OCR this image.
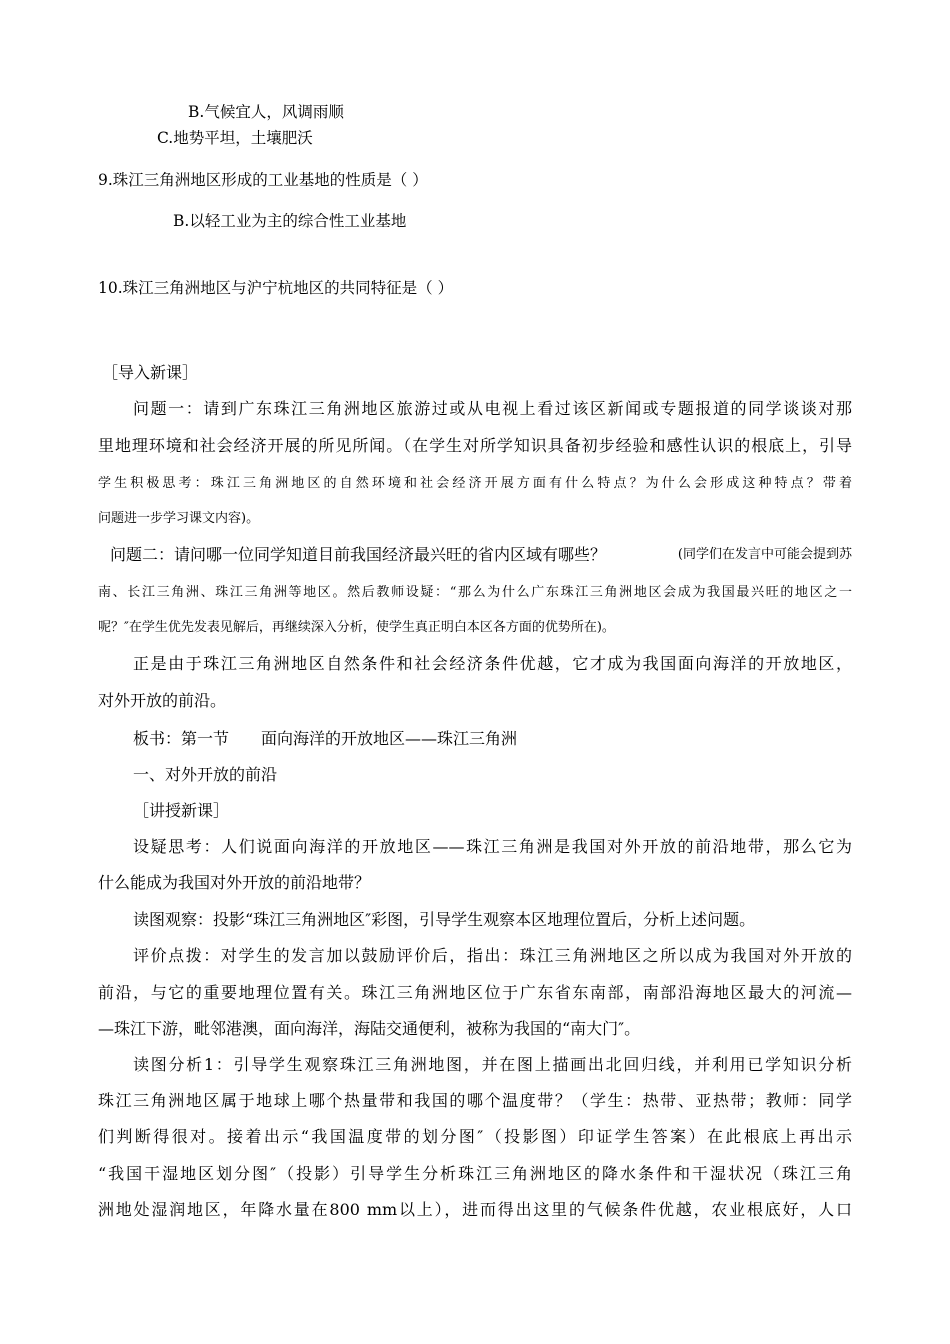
B.气候宜人，风调雨顺
C.地势平坦，土壤肥沃
9.珠江三角洲地区形成的工业基地的性质是（ ）
B.以轻工业为主的综合性工业基地
10.珠江三角洲地区与沪宁杭地区的共同特征是（ ）
［导入新课］
问题一：请到广东珠江三角洲地区旅游过或从电视上看过该区新闻或专题报道的同学谈谈对那
里地理环境和社会经济开展的所见所闻。（在学生对所学知识具备初步经验和感性认识的根底上，引导
学生积极思考：珠江三角洲地区的自然环境和社会经济开展方面有什么特点？为什么会形成这种特点？带着
问题进一步学习课文内容)。
问题二：请问哪一位同学知道目前我国经济最兴旺的省内区域有哪些？	(同学们在发言中可能会提到苏
南、长江三角洲、珠江三角洲等地区。然后教师设疑：“那么为什么广东珠江三角洲地区会成为我国最兴旺的地区之一
呢？″在学生优先发表见解后，再继续深入分析，使学生真正明白本区各方面的优势所在)。
正是由于珠江三角洲地区自然条件和社会经济条件优越，它才成为我国面向海洋的开放地区，
对外开放的前沿。
板书：第一节　　面向海洋的开放地区——珠江三角洲
一、对外开放的前沿
［讲授新课］
设疑思考：人们说面向海洋的开放地区——珠江三角洲是我国对外开放的前沿地带，那么它为
什么能成为我国对外开放的前沿地带？
读图观察：投影“珠江三角洲地区″彩图，引导学生观察本区地理位置后，分析上述问题。
评价点拨：对学生的发言加以鼓励评价后，指出：珠江三角洲地区之所以成为我国对外开放的
前沿，与它的重要地理位置有关。珠江三角洲地区位于广东省东南部，南部沿海地区最大的河流—
—珠江下游，毗邻港澳，面向海洋，海陆交通便利，被称为我国的“南大门″。
读图分析1：引导学生观察珠江三角洲地图，并在图上描画出北回归线，并利用已学知识分析
珠江三角洲地区属于地球上哪个热量带和我国的哪个温度带？（学生：热带、亚热带；教师：同学
们判断得很对。接着出示“我国温度带的划分图″（投影图）印证学生答案）在此根底上再出示
“我国干湿地区划分图″（投影）引导学生分析珠江三角洲地区的降水条件和干湿状况（珠江三角
洲地处湿润地区，年降水量在800 mm以上），进而得出这里的气候条件优越，农业根底好，人口
